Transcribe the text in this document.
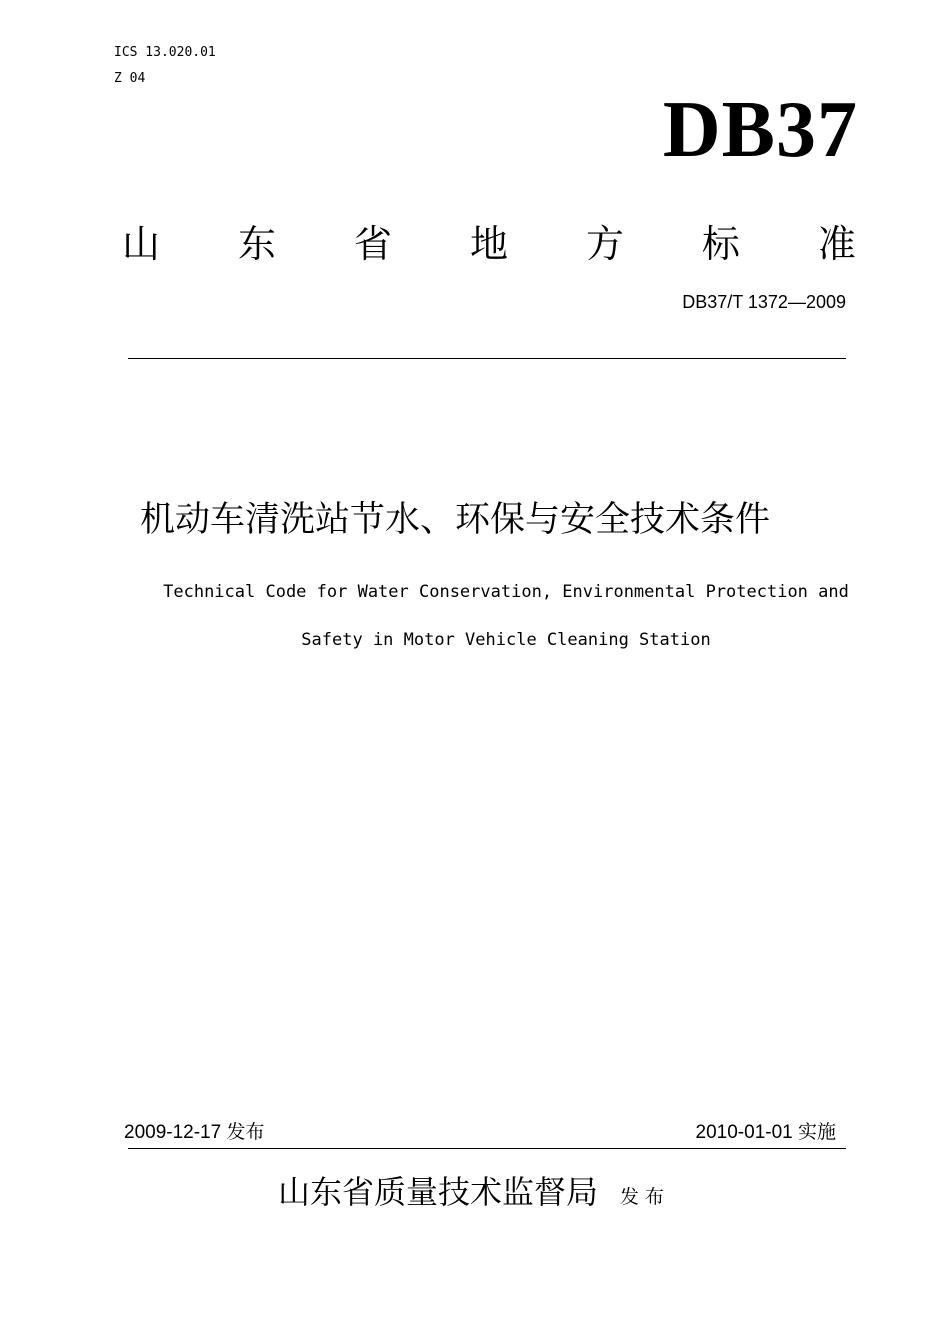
ICS 13.020.01
Z 04
DB37
山 东 省 地 方 标 准
DB37/T 1372—2009
机动车清洗站节水、环保与安全技术条件
Technical Code for Water Conservation, Environmental Protection and
Safety in Motor Vehicle Cleaning Station
2009-12-17 发布	2010-01-01 实施
山东省质量技术监督局 发布
